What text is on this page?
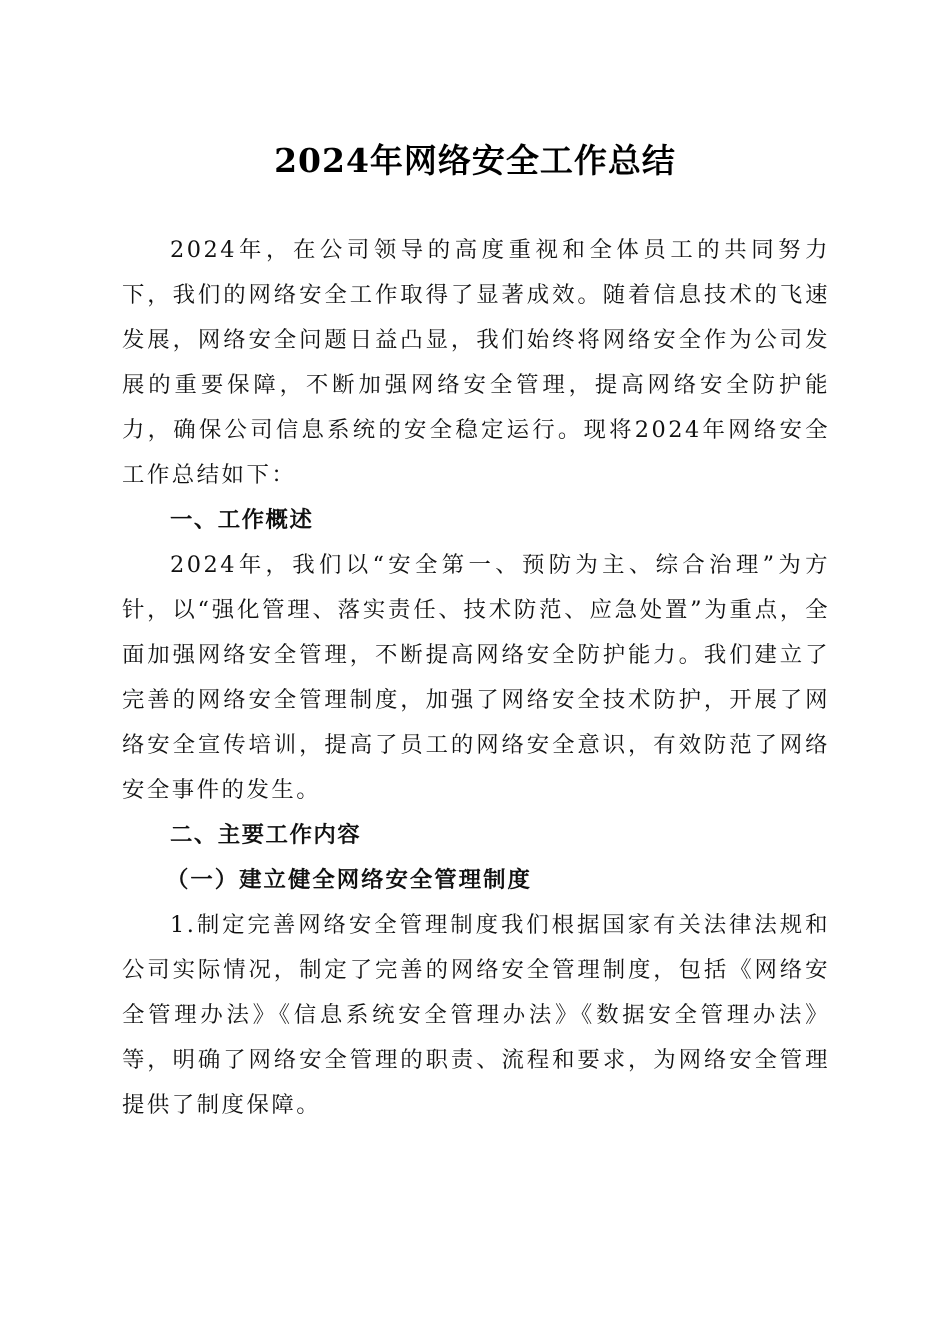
2024年网络安全工作总结

2024年，在公司领导的高度重视和全体员工的共同努力下，我们的网络安全工作取得了显著成效。随着信息技术的飞速发展，网络安全问题日益凸显，我们始终将网络安全作为公司发展的重要保障，不断加强网络安全管理，提高网络安全防护能力，确保公司信息系统的安全稳定运行。现将2024年网络安全工作总结如下：

一、工作概述

2024年，我们以“安全第一、预防为主、综合治理”为方针，以“强化管理、落实责任、技术防范、应急处置”为重点，全面加强网络安全管理，不断提高网络安全防护能力。我们建立了完善的网络安全管理制度，加强了网络安全技术防护，开展了网络安全宣传培训，提高了员工的网络安全意识，有效防范了网络安全事件的发生。

二、主要工作内容

（一）建立健全网络安全管理制度

1.制定完善网络安全管理制度我们根据国家有关法律法规和公司实际情况，制定了完善的网络安全管理制度，包括《网络安全管理办法》《信息系统安全管理办法》《数据安全管理办法》等，明确了网络安全管理的职责、流程和要求，为网络安全管理提供了制度保障。
